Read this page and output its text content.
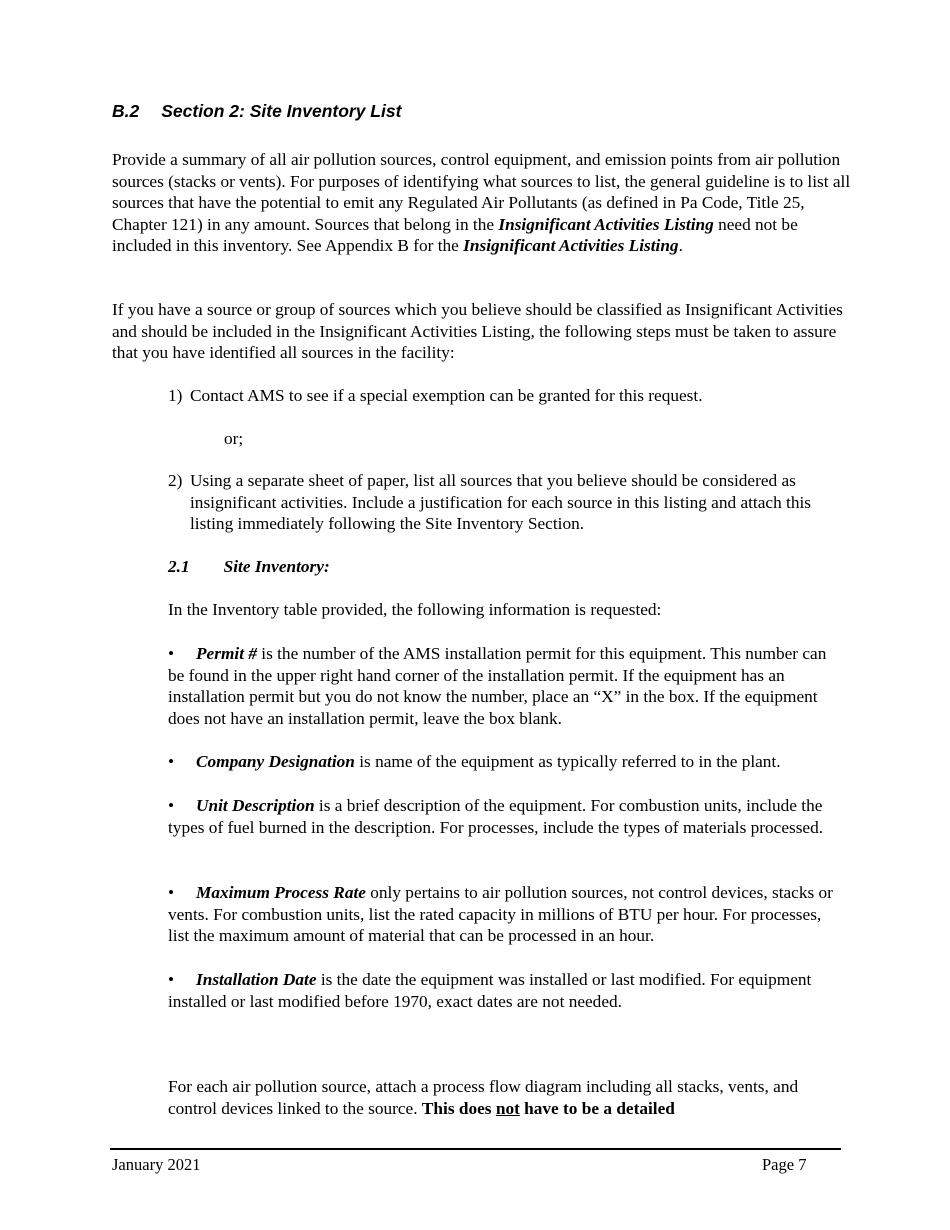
B.2 Section 2: Site Inventory List

Provide a summary of all air pollution sources, control equipment, and emission points from air pollution sources (stacks or vents). For purposes of identifying what sources to list, the general guideline is to list all sources that have the potential to emit any Regulated Air Pollutants (as defined in Pa Code, Title 25, Chapter 121) in any amount. Sources that belong in the Insignificant Activities Listing need not be included in this inventory. See Appendix B for the Insignificant Activities Listing.

If you have a source or group of sources which you believe should be classified as Insignificant Activities and should be included in the Insignificant Activities Listing, the following steps must be taken to assure that you have identified all sources in the facility:

1) Contact AMS to see if a special exemption can be granted for this request.
or;
2) Using a separate sheet of paper, list all sources that you believe should be considered as insignificant activities. Include a justification for each source in this listing and attach this listing immediately following the Site Inventory Section.
2.1 Site Inventory:
In the Inventory table provided, the following information is requested:

• Permit # is the number of the AMS installation permit for this equipment. This number can be found in the upper right hand corner of the installation permit. If the equipment has an installation permit but you do not know the number, place an “X” in the box. If the equipment does not have an installation permit, leave the box blank.

• Company Designation is name of the equipment as typically referred to in the plant.

• Unit Description is a brief description of the equipment. For combustion units, include the types of fuel burned in the description. For processes, include the types of materials processed.

• Maximum Process Rate only pertains to air pollution sources, not control devices, stacks or vents. For combustion units, list the rated capacity in millions of BTU per hour. For processes, list the maximum amount of material that can be processed in an hour.

• Installation Date is the date the equipment was installed or last modified. For equipment installed or last modified before 1970, exact dates are not needed.

For each air pollution source, attach a process flow diagram including all stacks, vents, and control devices linked to the source. This does not have to be a detailed

January 2021	Page 7
